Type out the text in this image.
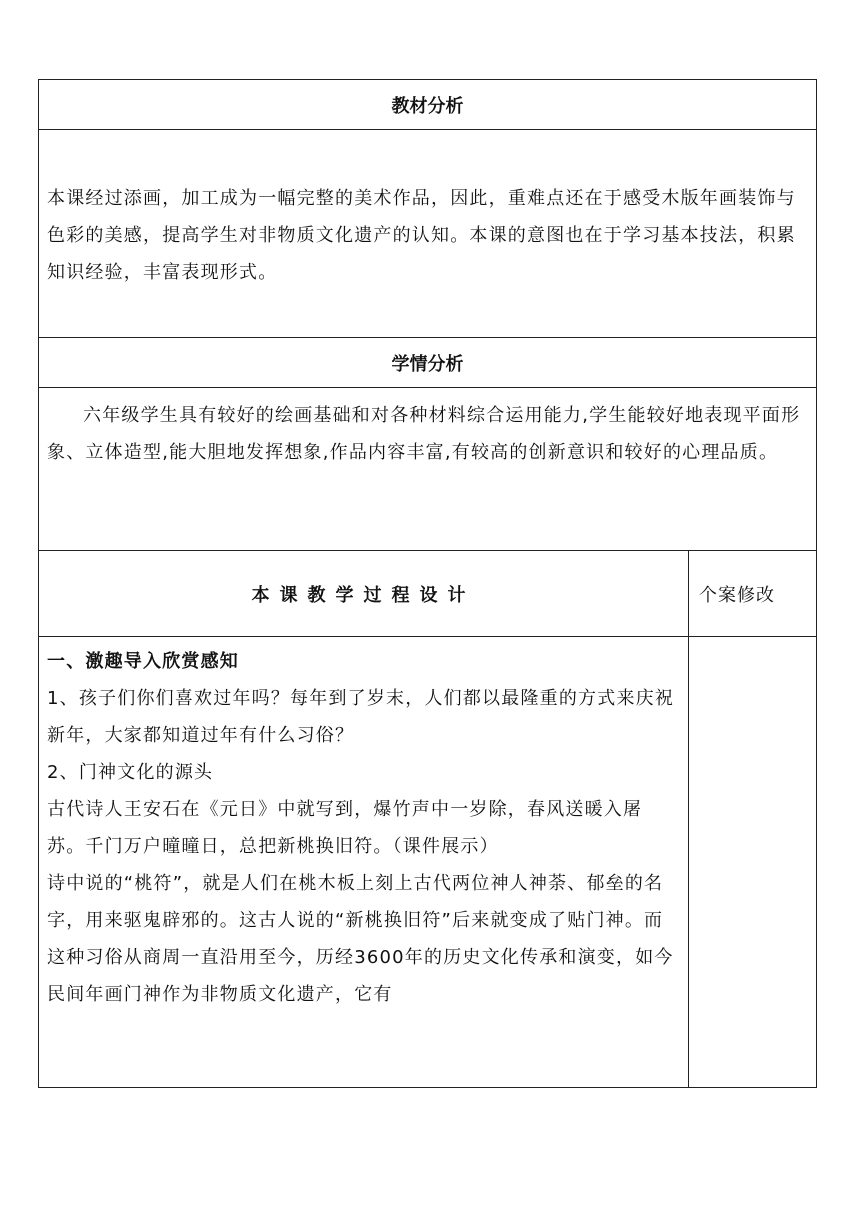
教材分析	

本课经过添画，加工成为一幅完整的美术作品，因此，重难点还在于感受木版年画装饰与色彩的美感，提高学生对非物质文化遗产的认知。本课的意图也在于学习基本技法，积累知识经验，丰富表现形式。	

学情分析	

六年级学生具有较好的绘画基础和对各种材料综合运用能力,学生能较好地表现平面形象、立体造型,能大胆地发挥想象,作品内容丰富,有较高的创新意识和较好的心理品质。	

本课教学过程设计	个案修改

一、激趣导入欣赏感知

1、孩子们你们喜欢过年吗？每年到了岁末，人们都以最隆重的方式来庆祝新年，大家都知道过年有什么习俗？

2、门神文化的源头

古代诗人王安石在《元日》中就写到，爆竹声中一岁除，春风送暖入屠苏。千门万户曈曈日，总把新桃换旧符。（课件展示）

诗中说的“桃符”，就是人们在桃木板上刻上古代两位神人神荼、郁垒的名字，用来驱鬼辟邪的。这古人说的“新桃换旧符”后来就变成了贴门神。而这种习俗从商周一直沿用至今，历经3600年的历史文化传承和演变，如今民间年画门神作为非物质文化遗产，它有	
